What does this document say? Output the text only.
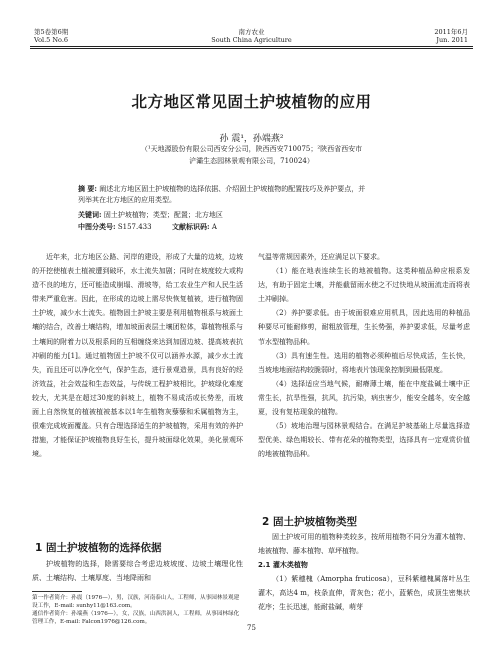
第5卷第6期
Vol.5 No.6
南方农业
South China Agriculture
2011年6月
Jun. 2011
北方地区常见固土护坡植物的应用
孙 震¹，孙端燕²
（¹天地源股份有限公司西安分公司，陕西西安710075；²陕西省西安市
浐灞生态园林景观有限公司，710024）
摘 要: 阐述北方地区固土护坡植物的选择依据、介绍固土护坡植物的配置技巧及养护要点，并
列举其在北方地区的应用类型。
关键词: 固土护坡植物；类型；配置；北方地区
中图分类号: S157.433	文献标识码: A

近年来，北方地区公路、河岸的建设，形成了大量的边坡，边坡的开挖使植表土植被遭到破坏，水土流失加剧；同时在坡度较大或构造不良的地方，还可能造成崩塌、滑坡等，给工农业生产和人民生活带来严重危害。因此，在形成的边坡上需尽快恢复植被，进行植物固土护坡，减少水土流失。植物固土护坡主要是利用植物根系与坡面土壤的结合，改善土壤结构，增加坡面表层土壤团粒体，靠植物根系与土壤间的附着力以及根系间的互相缠绕来达到加固边坡、提高坡表抗冲刷的能力[1]。通过植物固土护坡不仅可以涵养水源，减少水土流失，而且还可以净化空气，保护生态，进行景观造景，具有良好的经济效益，社会效益和生态效益，与传统工程护坡相比，护坡绿化难度较大，尤其是在超过30度的斜坡上，植物不易成活或长势差，而坡面上自然恢复的植被植被基本以1年生植物灰藜藜和禾属植物为主，很难完成坡面覆盖。只有合理选择适生的护坡植物，采用有效的养护措施，才能保证护坡植物良好生长，提升坡面绿化效果，美化景观环境。

1 固土护坡植物的选择依据

护坡植物的选择，除需要综合考虑边坡坡度、边坡土壤理化性质、土壤结构、土壤厚度、当地降雨和

第一作者简介：孙震（1976—），男，汉族，河南泰山人，工程师，从事园林景观建设工作，E-mail: sunhy11@163.com。
通信作者简介：孙端燕（1976—），女，汉族，山西洪洞人，工程师，从事园林绿化管理工作，E-mail: Falcon1976@126.com。

气温等常规因素外，还应满足以下要求。

（1）能在地表连续生长的地被植物。这类种植品种应根系发达，有助于固定土壤，并能截留雨水使之不过快地从坡面流走而将表土冲刷掉。

（2）养护要求低。由于坡面很难应用机具，因此选用的种植品种要尽可能耐修剪，耐粗放管理，生长势强，养护要求低，尽量考虑节水型植物品种。

（3）具有速生性。选用的植物必须种植后尽快成活，生长快，当坡地地面结构较脆弱时，将地表片蚀现象控制到最低限度。

（4）选择适应当地气候，耐瘠薄土壤，能在中度盐碱土壤中正常生长，抗旱性强，抗风，抗污染，病虫害少，能安全越冬，安全越夏，没有复枯现象的植物。

（5）坡地治理与园林景观结合。在满足护坡基础上尽量选择造型优美、绿色期较长、带有花朵的植物类型，选择具有一定观赏价值的地被植物品种。

2 固土护坡植物类型

固土护坡可用的植物种类较多，按所用植物不同分为灌木植物、地被植物、藤本植物、草坪植物。

2.1 灌木类植物

（1）紫穗槐（Amorpha fruticosa），豆科紫穗槐属落叶丛生灌木，高达4 m，枝条直伸，青灰色；花小，蓝紫色，成顶生密集状花序；生长迅速，能耐盐碱，萌芽

75
